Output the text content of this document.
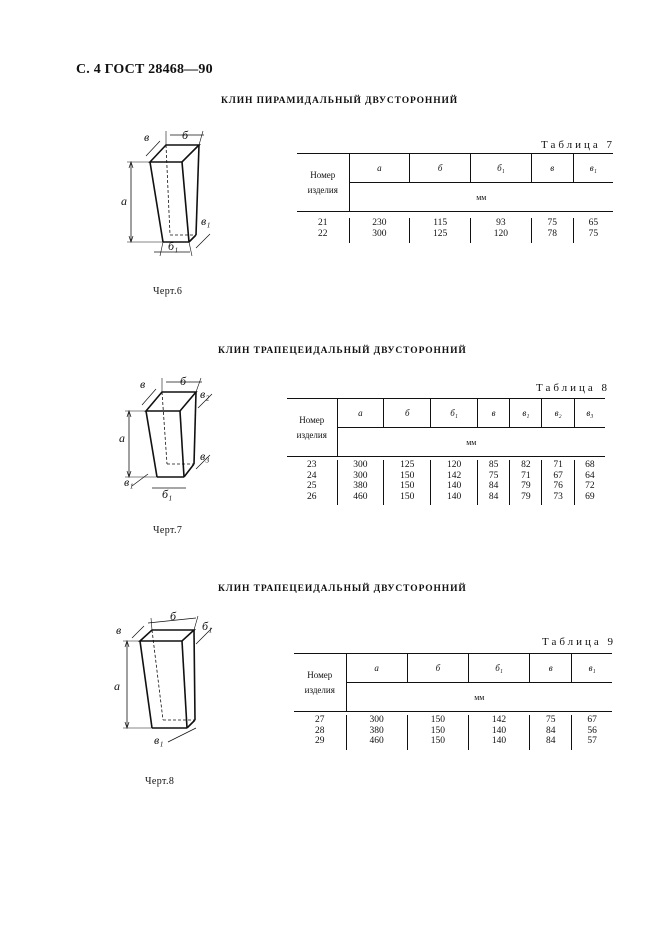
С. 4 ГОСТ 28468—90
КЛИН ПИРАМИДАЛЬНЫЙ ДВУСТОРОННИЙ
в	б
а
б₁
в₁
Черт.6
Таблица 7
Номер
изделия	а	б	б₁	в	в₁
	мм				

21	230	115	93	75	65
22	300	125	120	78	75

КЛИН ТРАПЕЦЕИДАЛЬНЫЙ ДВУСТОРОННИЙ
в	б
в₂
а
в₃
в₁
б₁
Черт.7
Таблица 8
Номер
изделия	а	б	б₁	в	в₁	в₂	в₃
	мм						

23	300	125	120	85	82	71	68
24	300	150	142	75	71	67	64
25	380	150	140	84	79	76	72
26	460	150	140	84	79	73	69

КЛИН ТРАПЕЦЕИДАЛЬНЫЙ ДВУСТОРОННИЙ
в
б
б₁
а
в₁
Черт.8
Таблица 9
Номер
изделия	а	б	б₁	в	в₁
	мм				

27	300	150	142	75	67
28	380	150	140	84	56
29	460	150	140	84	57
